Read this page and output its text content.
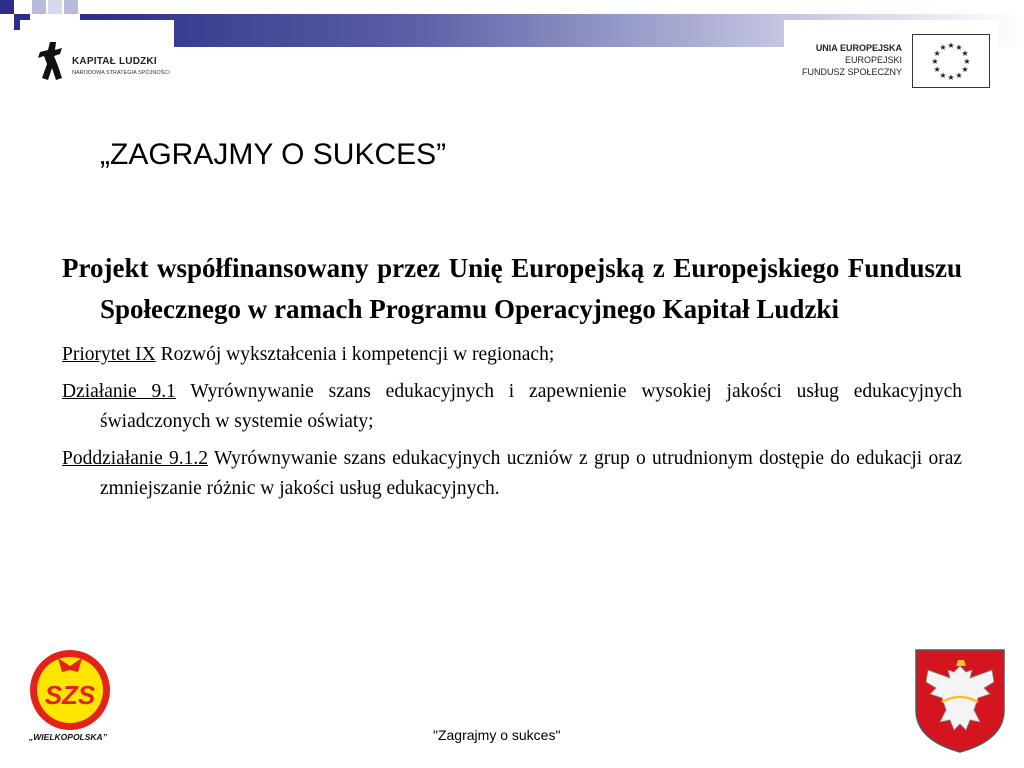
KAPITAŁ LUDZKI
NARODOWA STRATEGIA SPÓJNOŚCI
UNIA EUROPEJSKA
EUROPEJSKI
FUNDUSZ SPOŁECZNY
★ ★
★
★
★
★
★
★
★
★
★
★
„ZAGRAJMY O SUKCES”

Projekt współfinansowany przez Unię Europejską z Europejskiego Funduszu Społecznego w ramach Programu Operacyjnego Kapitał Ludzki

Priorytet IX Rozwój wykształcenia i kompetencji w regionach;

Działanie 9.1 Wyrównywanie szans edukacyjnych i zapewnienie wysokiej jakości usług edukacyjnych świadczonych w systemie oświaty;

Poddziałanie 9.1.2 Wyrównywanie szans edukacyjnych uczniów z grup o utrudnionym dostępie do edukacji oraz zmniejszanie różnic w jakości usług edukacyjnych.

SZS
„WIELKOPOLSKA”	"Zagrajmy o sukces"
